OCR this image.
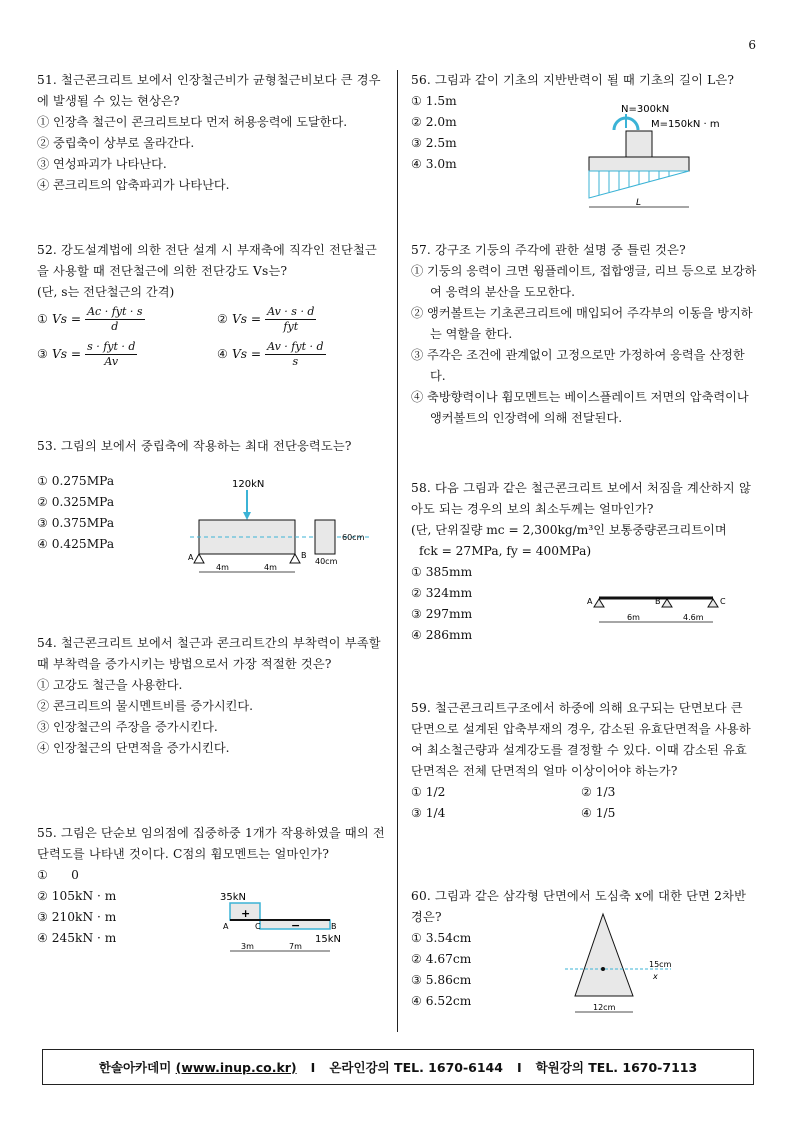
6
51. 철근콘크리트 보에서 인장철근비가 균형철근비보다 큰 경우에 발생될 수 있는 현상은?
① 인장측 철근이 콘크리트보다 먼저 허용응력에 도달한다.
② 중립축이 상부로 올라간다.
③ 연성파괴가 나타난다.
④ 콘크리트의 압축파괴가 나타난다.
52. 강도설계법에 의한 전단 설계 시 부재축에 직각인 전단철근을 사용할 때 전단철근에 의한 전단강도 Vs는?
(단, s는 전단철근의 간격)
① $Vs = \frac{\text{Ac · fyt · s}}{d}$	② $Vs = \frac{Av \cdot s \cdot d}{\text{fyt}}$
③ $Vs = \frac{\text{s · fyt · d}}{Av}$	④ $Vs = \frac{\text{Av · fyt · d}}{s}$
53. 그림의 보에서 중립축에 작용하는 최대 전단응력도는?
① 0.275MPa
② 0.325MPa
③ 0.375MPa
④ 0.425MPa
120kN
A	B
60cm
40cm
4m	4m
54. 철근콘크리트 보에서 철근과 콘크리트간의 부착력이 부족할 때 부착력을 증가시키는 방법으로서 가장 적절한 것은?
① 고강도 철근을 사용한다.
② 콘크리트의 물시멘트비를 증가시킨다.
③ 인장철근의 주장을 증가시킨다.
④ 인장철근의 단면적을 증가시킨다.
55. 그림은 단순보 임의점에 집중하중 1개가 작용하였을 때의 전단력도를 나타낸 것이다. C점의 휨모멘트는 얼마인가?
①      0
② 105kN · m
③ 210kN · m
④ 245kN · m
35kN
+
−
A	C	B
15kN
3m	7m
56. 그림과 같이 기초의 지반반력이 될 때 기초의 길이 L은?
① 1.5m
② 2.0m
③ 2.5m
④ 3.0m
N=300kN
M=150kN · m
L
57. 강구조 기둥의 주각에 관한 설명 중 틀린 것은?
① 기둥의 응력이 크면 윙플레이트, 접합앵글, 리브 등으로 보강하여 응력의 분산을 도모한다.
② 앵커볼트는 기초콘크리트에 매입되어 주각부의 이동을 방지하는 역할을 한다.
③ 주각은 조건에 관계없이 고정으로만 가정하여 응력을 산정한다.
④ 축방향력이나 휨모멘트는 베이스플레이트 저면의 압축력이나 앵커볼트의 인장력에 의해 전달된다.
58. 다음 그림과 같은 철근콘크리트 보에서 처짐을 계산하지 않아도 되는 경우의 보의 최소두께는 얼마인가?
(단, 단위질량 mc = 2,300kg/m³인 보통중량콘크리트이며
fck = 27MPa, fy = 400MPa)
① 385mm
② 324mm
③ 297mm
④ 286mm
A	B	C
6m	4.6m
59. 철근콘크리트구조에서 하중에 의해 요구되는 단면보다 큰 단면으로 설계된 압축부재의 경우, 감소된 유효단면적을 사용하여 최소철근량과 설계강도를 결정할 수 있다. 이때 감소된 유효단면적은 전체 단면적의 얼마 이상이어야 하는가?
① 1/2	② 1/3
③ 1/4	④ 1/5
60. 그림과 같은 삼각형 단면에서 도심축 x에 대한 단면 2차반경은?
① 3.54cm
② 4.67cm
③ 5.86cm
④ 6.52cm
15cm
x
12cm
한솔아카데미
(www.inup.co.kr) I 온라인강의 TEL. 1670-6144 I 학원강의 TEL. 1670-7113
